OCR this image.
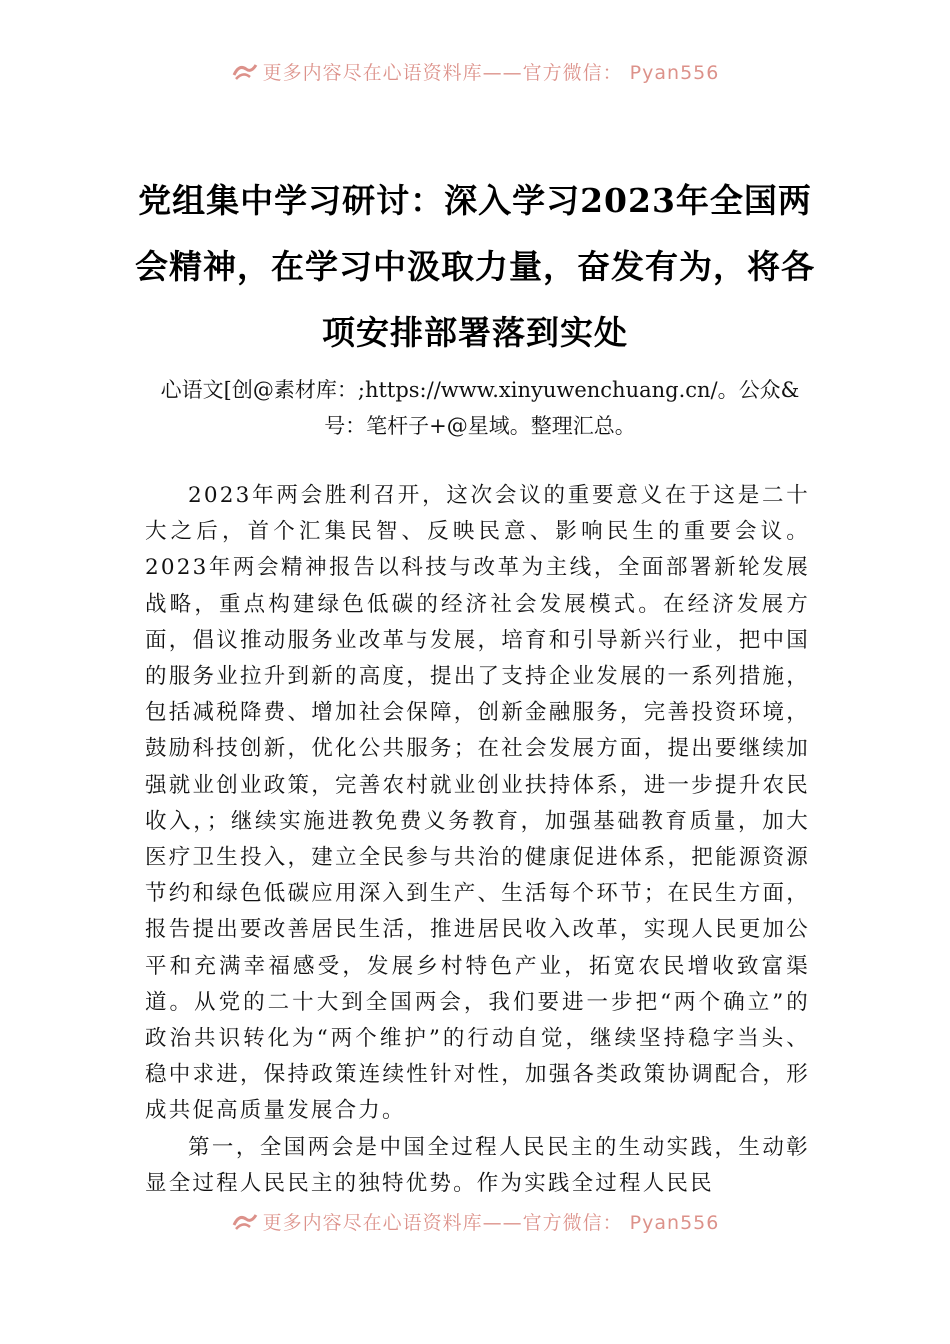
更多内容尽在心语资料库——官方微信： Pyan556
党组集中学习研讨：深入学习2023年全国两会精神，在学习中汲取力量，奋发有为，将各项安排部署落到实处
心语文[创@素材库：;https://www.xinyuwenchuang.cn/。公众&号：笔杆子+@星域。整理汇总。

2023年两会胜利召开，这次会议的重要意义在于这是二十大之后，首个汇集民智、反映民意、影响民生的重要会议。2023年两会精神报告以科技与改革为主线，全面部署新轮发展战略，重点构建绿色低碳的经济社会发展模式。在经济发展方面，倡议推动服务业改革与发展，培育和引导新兴行业，把中国的服务业拉升到新的高度，提出了支持企业发展的一系列措施，包括减税降费、增加社会保障，创新金融服务，完善投资环境，鼓励科技创新，优化公共服务；在社会发展方面，提出要继续加强就业创业政策，完善农村就业创业扶持体系，进一步提升农民收入，；继续实施进教免费义务教育，加强基础教育质量，加大医疗卫生投入，建立全民参与共治的健康促进体系，把能源资源节约和绿色低碳应用深入到生产、生活每个环节；在民生方面，报告提出要改善居民生活，推进居民收入改革，实现人民更加公平和充满幸福感受，发展乡村特色产业，拓宽农民增收致富渠道。从党的二十大到全国两会，我们要进一步把“两个确立”的政治共识转化为“两个维护”的行动自觉，继续坚持稳字当头、稳中求进，保持政策连续性针对性，加强各类政策协调配合，形成共促高质量发展合力。

第一，全国两会是中国全过程人民民主的生动实践，生动彰显全过程人民民主的独特优势。作为实践全过程人民民

更多内容尽在心语资料库——官方微信： Pyan556
